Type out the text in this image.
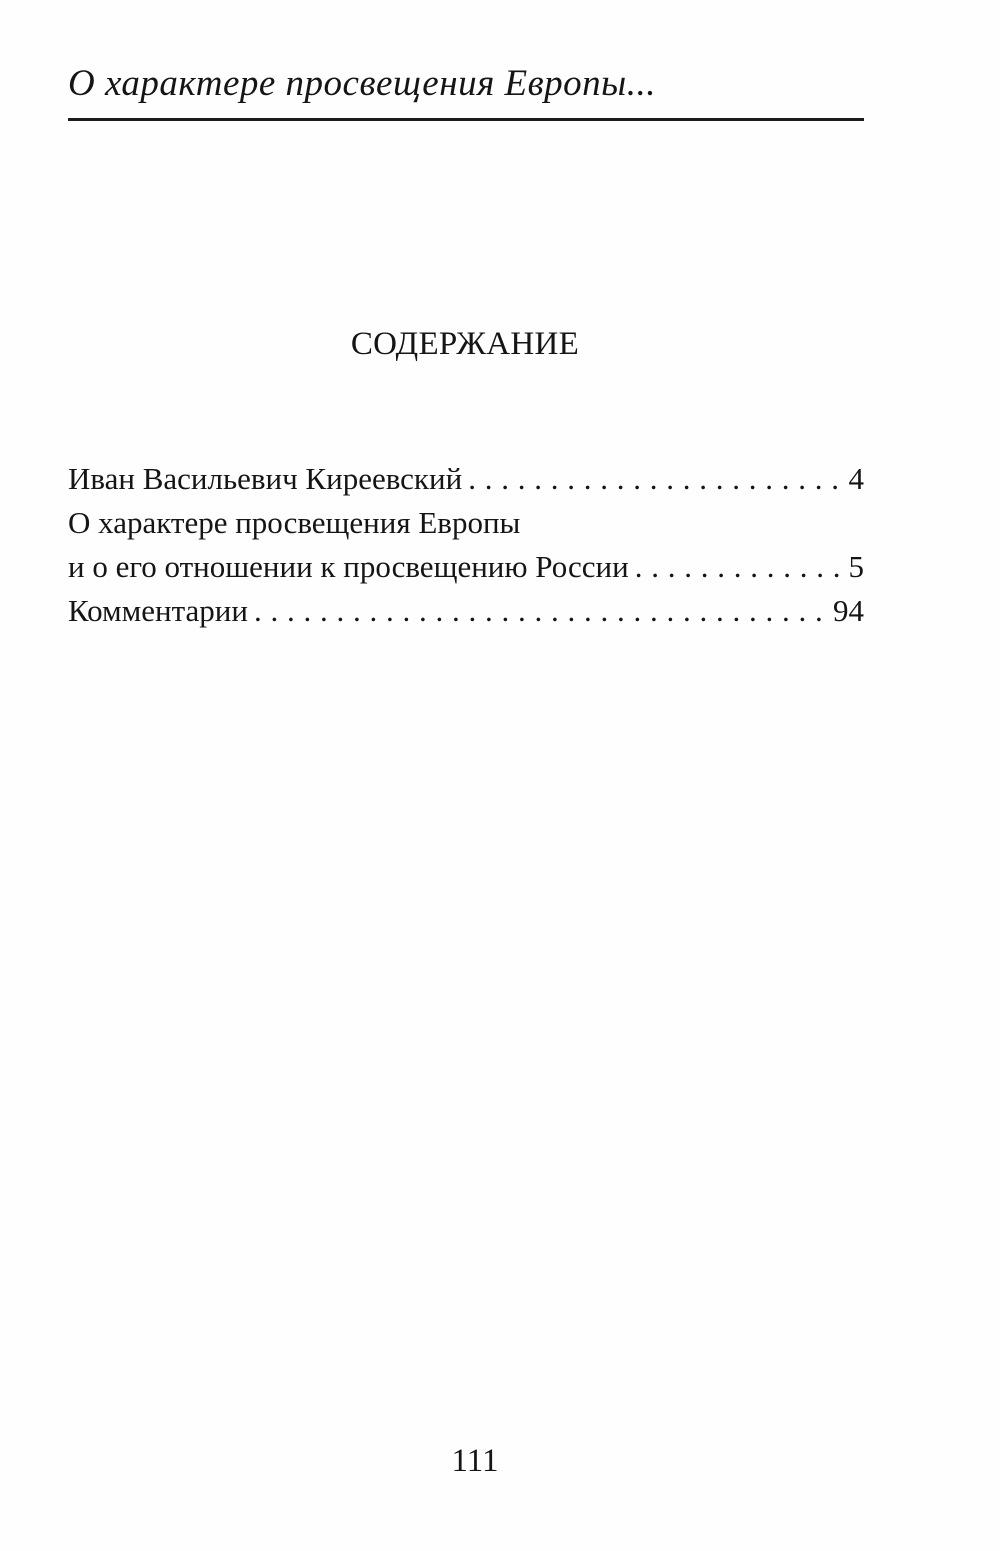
О характере просвещения Европы...
СОДЕРЖАНИЕ
Иван Васильевич Киреевский . . .	4
О характере просвещения Европы
и о его отношении к просвещению России . . .	5
Комментарии . . .	94
111
